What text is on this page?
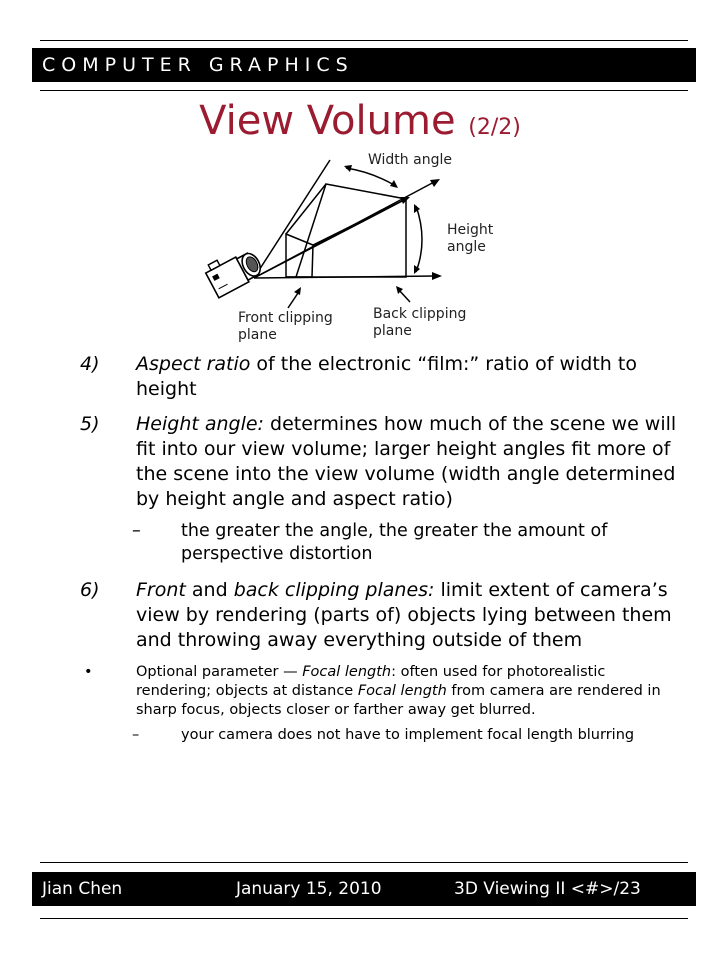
COMPUTER GRAPHICS
View Volume (2/2)
Width angle
Height
angle
Front clipping
plane
Back clipping
plane
4) Aspect ratio of the electronic “film:” ratio of width to height
5) Height angle: determines how much of the scene we will fit into our view volume; larger height angles fit more of the scene into the view volume (width angle determined by height angle and aspect ratio)
– the greater the angle, the greater the amount of perspective distortion
6) Front and back clipping planes: limit extent of camera’s view by rendering (parts of) objects lying between them and throwing away everything outside of them
•	Optional parameter — Focal length: often used for photorealistic rendering; objects at distance Focal length from camera are rendered in sharp focus, objects closer or farther away get blurred.
–	your camera does not have to implement focal length blurring
Jian Chen	January 15, 2010	3D Viewing II <#>/23
